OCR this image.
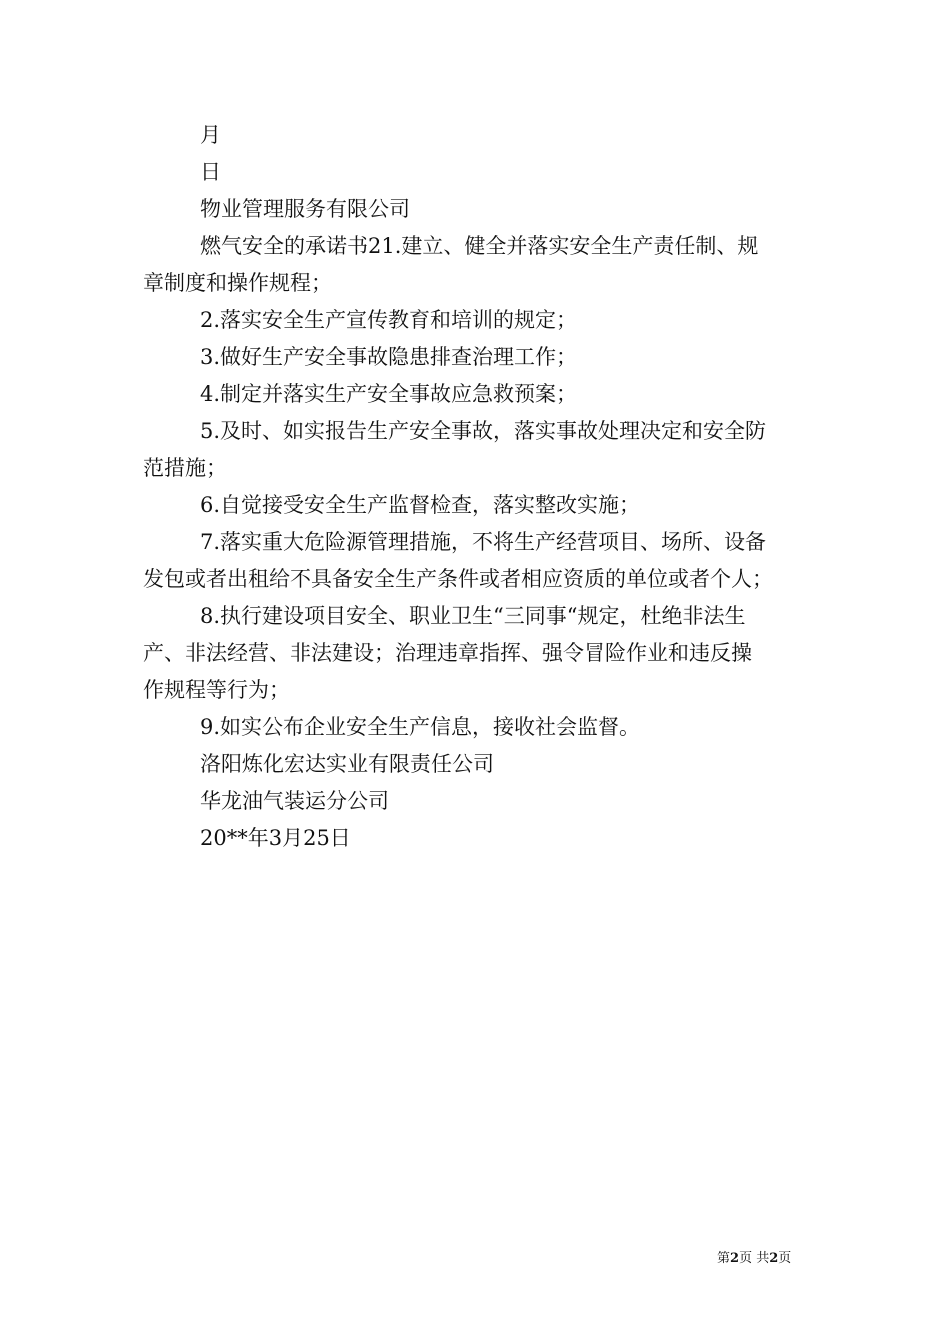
月

日

物业管理服务有限公司

燃气安全的承诺书21.建立、健全并落实安全生产责任制、规

章制度和操作规程；

2.落实安全生产宣传教育和培训的规定；

3.做好生产安全事故隐患排查治理工作；

4.制定并落实生产安全事故应急救预案；

5.及时、如实报告生产安全事故，落实事故处理决定和安全防

范措施；

6.自觉接受安全生产监督检查，落实整改实施；

7.落实重大危险源管理措施，不将生产经营项目、场所、设备

发包或者出租给不具备安全生产条件或者相应资质的单位或者个人；

8.执行建设项目安全、职业卫生“三同事“规定，杜绝非法生

产、非法经营、非法建设；治理违章指挥、强令冒险作业和违反操

作规程等行为；

9.如实公布企业安全生产信息，接收社会监督。

洛阳炼化宏达实业有限责任公司

华龙油气装运分公司

20**年3月25日

第2页 共2页
